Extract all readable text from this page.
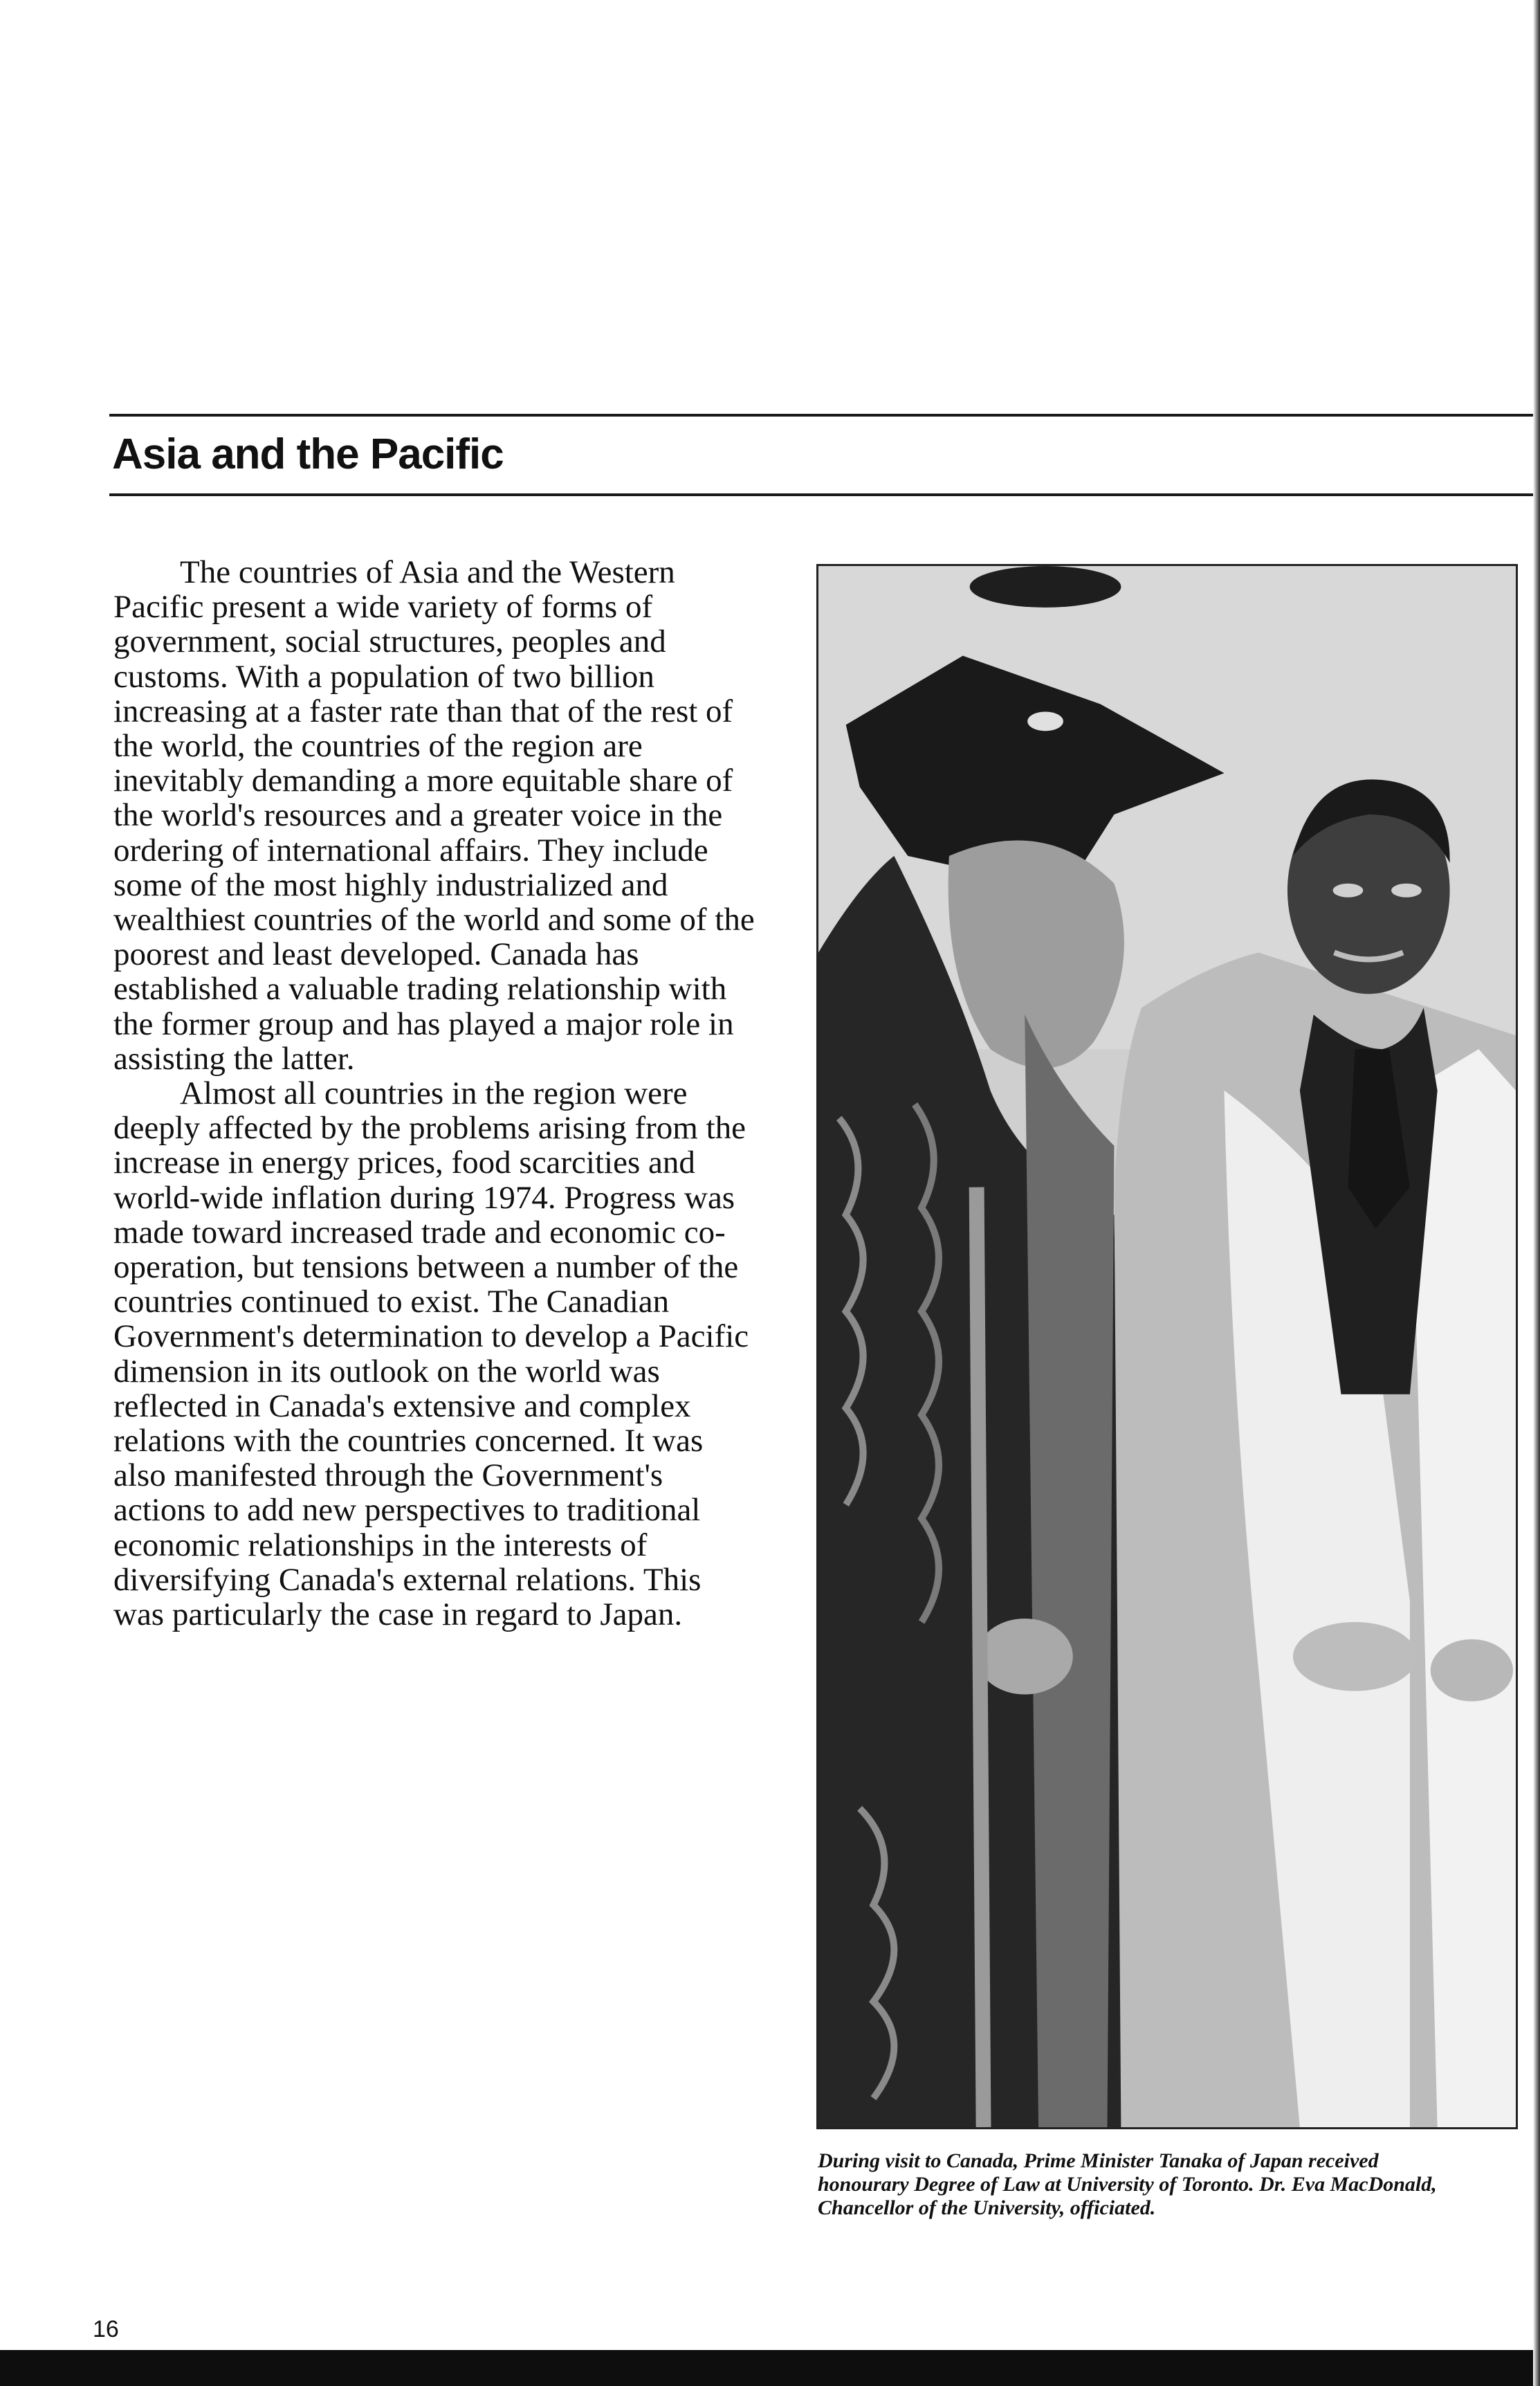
Asia and the Pacific

The countries of Asia and the Western Pacific present a wide variety of forms of government, social structures, peoples and customs. With a population of two billion increasing at a faster rate than that of the rest of the world, the countries of the region are inevitably demanding a more equitable share of the world's resources and a greater voice in the ordering of international affairs. They include some of the most highly industrialized and wealthiest countries of the world and some of the poorest and least developed. Canada has established a valuable trading relationship with the former group and has played a major role in assisting the latter.

Almost all countries in the region were deeply affected by the problems arising from the increase in energy prices, food scarcities and world-wide inflation during 1974. Progress was made toward increased trade and economic co-operation, but tensions between a number of the countries continued to exist. The Canadian Government's determination to develop a Pacific dimension in its outlook on the world was reflected in Canada's extensive and complex relations with the countries concerned. It was also manifested through the Government's actions to add new perspectives to traditional economic relationships in the interests of diversifying Canada's external relations. This was particularly the case in regard to Japan.

During visit to Canada, Prime Minister Tanaka of Japan received honourary Degree of Law at University of Toronto. Dr. Eva MacDonald, Chancellor of the University, officiated.

16
